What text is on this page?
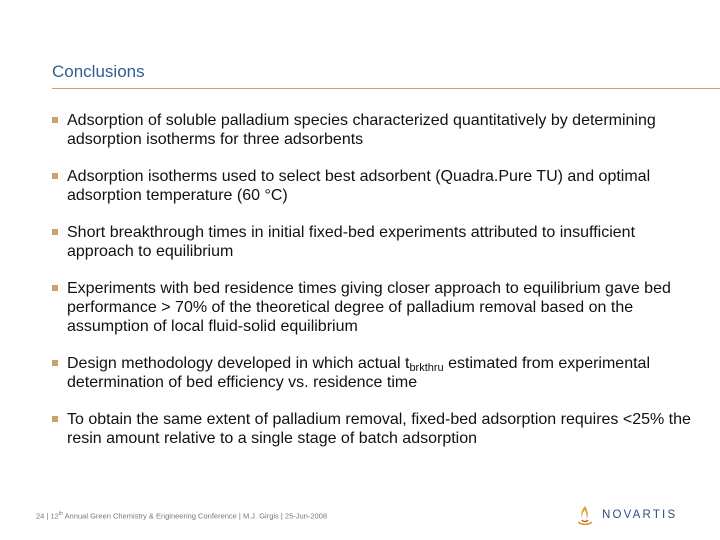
Conclusions
Adsorption of soluble palladium species characterized quantitatively by determining adsorption isotherms for three adsorbents
Adsorption isotherms used to select best adsorbent (Quadra.Pure TU) and optimal adsorption temperature (60 °C)
Short breakthrough times in initial fixed-bed experiments attributed to insufficient approach to equilibrium
Experiments with bed residence times giving closer approach to equilibrium gave bed performance > 70% of the theoretical degree of palladium removal based on the assumption of local fluid-solid equilibrium
Design methodology developed in which actual $t_{brkthru}$ estimated from experimental determination of bed efficiency vs. residence time
To obtain the same extent of palladium removal, fixed-bed adsorption requires <25% the resin amount relative to a single stage of batch adsorption
24 | 12th Annual Green Chemistry & Engineering Conference | M.J. Girgis | 25-Jun-2008	NOVARTIS
